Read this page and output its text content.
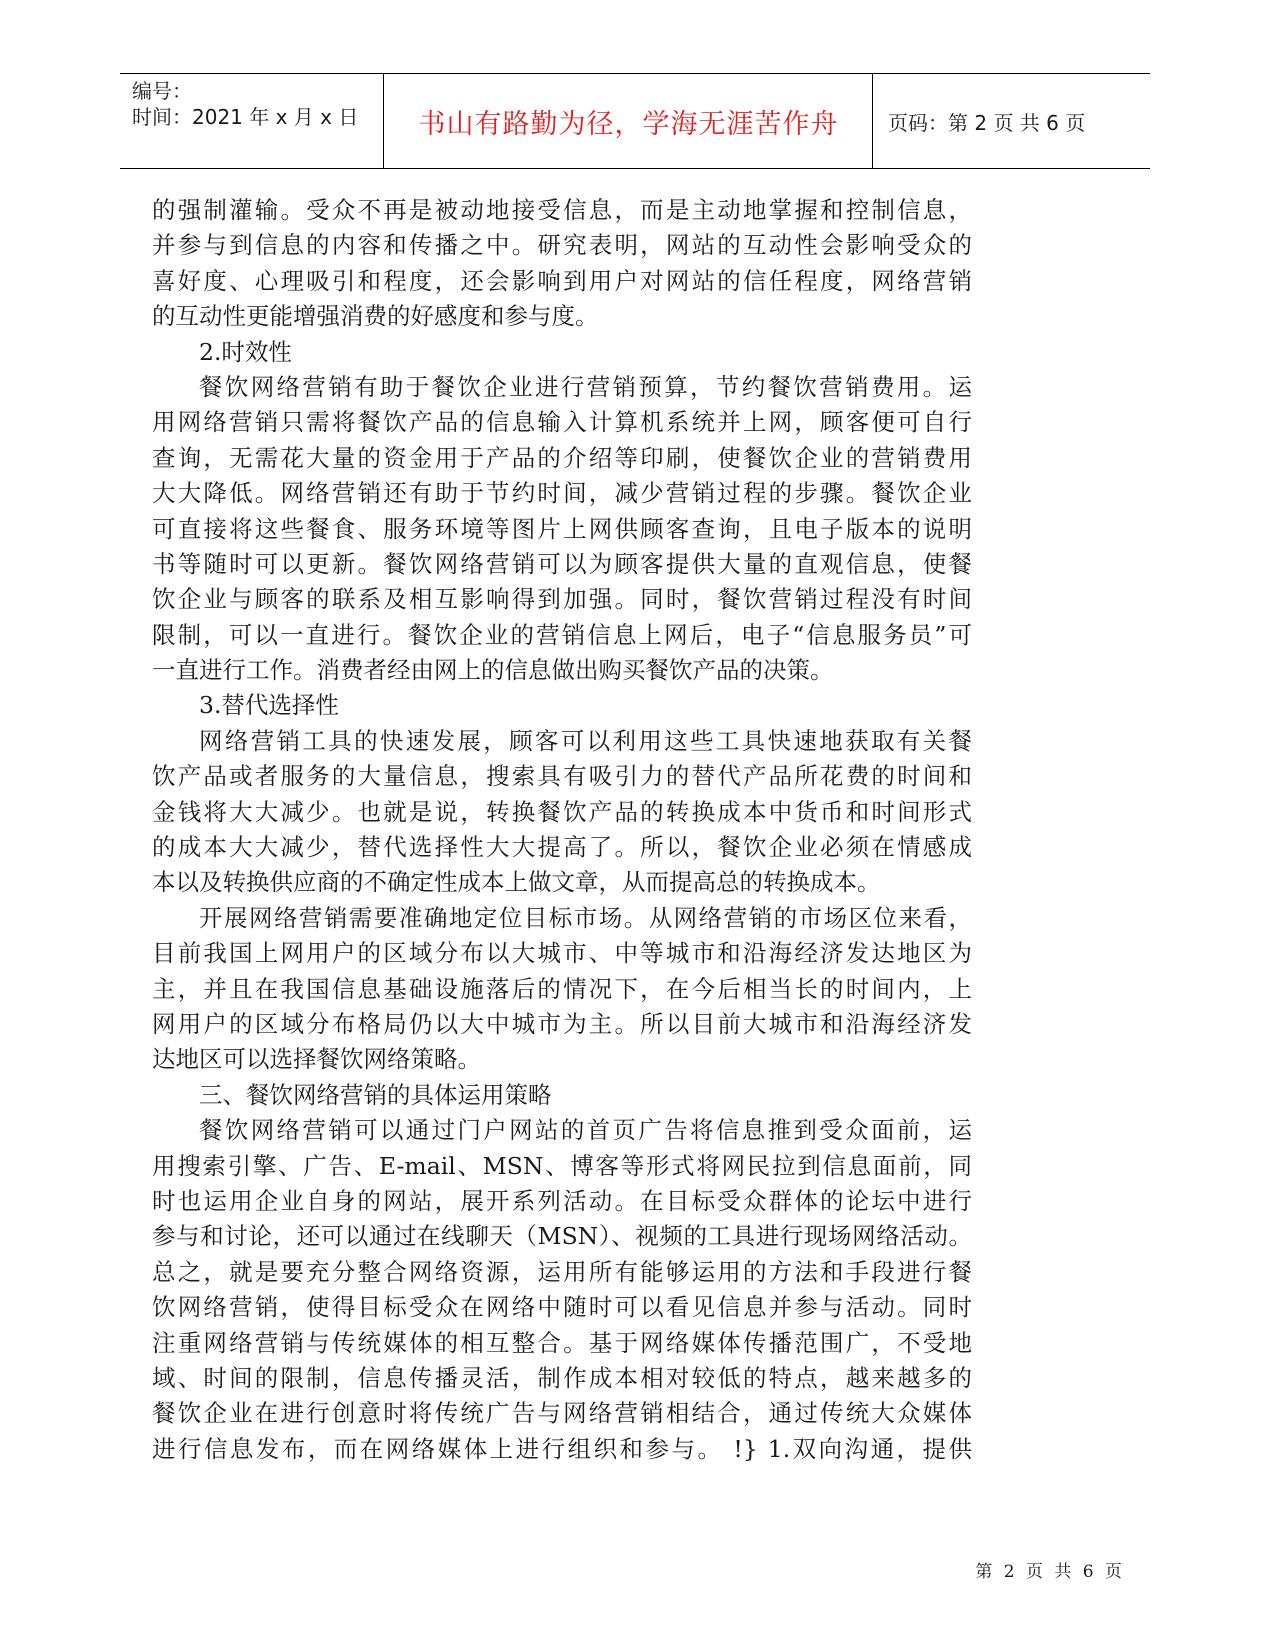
编号：
时间：2021 年 x 月 x 日	书山有路勤为径，学海无涯苦作舟	页码：第 2 页 共 6 页
的强制灌输。受众不再是被动地接受信息，而是主动地掌握和控制信息，
并参与到信息的内容和传播之中。研究表明，网站的互动性会影响受众的
喜好度、心理吸引和程度，还会影响到用户对网站的信任程度，网络营销
的互动性更能增强消费的好感度和参与度。
2.时效性
餐饮网络营销有助于餐饮企业进行营销预算，节约餐饮营销费用。运
用网络营销只需将餐饮产品的信息输入计算机系统并上网，顾客便可自行
查询，无需花大量的资金用于产品的介绍等印刷，使餐饮企业的营销费用
大大降低。网络营销还有助于节约时间，减少营销过程的步骤。餐饮企业
可直接将这些餐食、服务环境等图片上网供顾客查询，且电子版本的说明
书等随时可以更新。餐饮网络营销可以为顾客提供大量的直观信息，使餐
饮企业与顾客的联系及相互影响得到加强。同时，餐饮营销过程没有时间
限制，可以一直进行。餐饮企业的营销信息上网后，电子“信息服务员”可
一直进行工作。消费者经由网上的信息做出购买餐饮产品的决策。
3.替代选择性
网络营销工具的快速发展，顾客可以利用这些工具快速地获取有关餐
饮产品或者服务的大量信息，搜索具有吸引力的替代产品所花费的时间和
金钱将大大减少。也就是说，转换餐饮产品的转换成本中货币和时间形式
的成本大大减少，替代选择性大大提高了。所以，餐饮企业必须在情感成
本以及转换供应商的不确定性成本上做文章，从而提高总的转换成本。
开展网络营销需要准确地定位目标市场。从网络营销的市场区位来看，
目前我国上网用户的区域分布以大城市、中等城市和沿海经济发达地区为
主，并且在我国信息基础设施落后的情况下，在今后相当长的时间内，上
网用户的区域分布格局仍以大中城市为主。所以目前大城市和沿海经济发
达地区可以选择餐饮网络策略。
三、餐饮网络营销的具体运用策略
餐饮网络营销可以通过门户网站的首页广告将信息推到受众面前，运
用搜索引擎、广告、E-mail、MSN、博客等形式将网民拉到信息面前，同
时也运用企业自身的网站，展开系列活动。在目标受众群体的论坛中进行
参与和讨论，还可以通过在线聊天（MSN）、视频的工具进行现场网络活动。
总之，就是要充分整合网络资源，运用所有能够运用的方法和手段进行餐
饮网络营销，使得目标受众在网络中随时可以看见信息并参与活动。同时
注重网络营销与传统媒体的相互整合。基于网络媒体传播范围广，不受地
域、时间的限制，信息传播灵活，制作成本相对较低的特点，越来越多的
餐饮企业在进行创意时将传统广告与网络营销相结合，通过传统大众媒体
进行信息发布，而在网络媒体上进行组织和参与。 !} 1.双向沟通，提供
第 2 页 共 6 页
